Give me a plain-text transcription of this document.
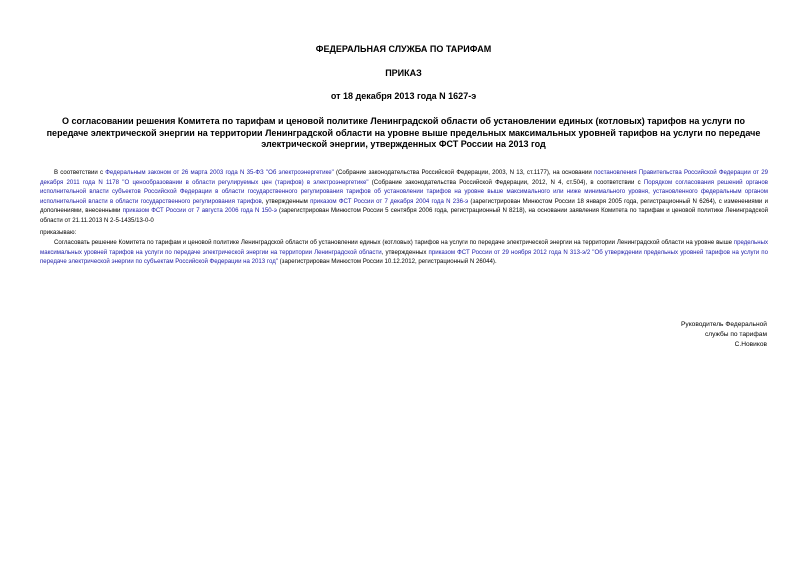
ФЕДЕРАЛЬНАЯ СЛУЖБА ПО ТАРИФАМ
ПРИКАЗ
от 18 декабря 2013 года N 1627-э
О согласовании решения Комитета по тарифам и ценовой политике Ленинградской области об установлении единых (котловых) тарифов на услуги по передаче электрической энергии на территории Ленинградской области на уровне выше предельных максимальных уровней тарифов на услуги по передаче электрической энергии, утвержденных ФСТ России на 2013 год
В соответствии с Федеральным законом от 26 марта 2003 года N 35-ФЗ "Об электроэнергетике" (Собрание законодательства Российской Федерации, 2003, N 13, ст.1177), на основании постановления Правительства Российской Федерации от 29 декабря 2011 года N 1178 "О ценообразовании в области регулируемых цен (тарифов) в электроэнергетике" (Собрание законодательства Российской Федерации, 2012, N 4, ст.504), в соответствии с Порядком согласования решений органов исполнительной власти субъектов Российской Федерации в области государственного регулирования тарифов об установлении тарифов на уровне выше максимального или ниже минимального уровня, установленного федеральным органом исполнительной власти в области государственного регулирования тарифов, утвержденным приказом ФСТ России от 7 декабря 2004 года N 236-э (зарегистрирован Минюстом России 18 января 2005 года, регистрационный N 6264), с изменениями и дополнениями, внесенными приказом ФСТ России от 7 августа 2006 года N 150-э (зарегистрирован Минюстом России 5 сентября 2006 года, регистрационный N 8218), на основании заявления Комитета по тарифам и ценовой политике Ленинградской области от 21.11.2013 N 2-5-1435/13-0-0
приказываю:
Согласовать решение Комитета по тарифам и ценовой политике Ленинградской области об установлении единых (котловых) тарифов на услуги по передаче электрической энергии на территории Ленинградской области на уровне выше предельных максимальных уровней тарифов на услуги по передаче электрической энергии на территории Ленинградской области, утвержденных приказом ФСТ России от 29 ноября 2012 года N 313-э/2 "Об утверждении предельных уровней тарифов на услуги по передаче электрической энергии по субъектам Российской Федерации на 2013 год" (зарегистрирован Минюстом России 10.12.2012, регистрационный N 26044).
Руководитель Федеральной
службы по тарифам
С.Новиков
